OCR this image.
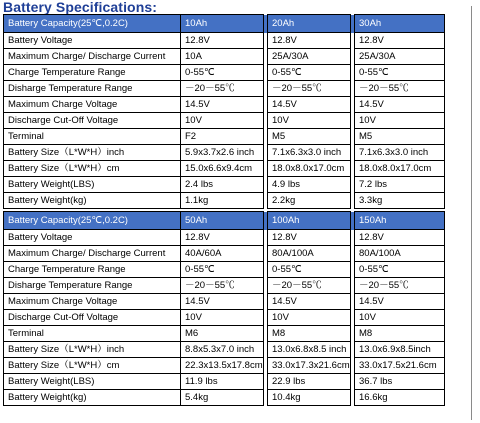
Battery Specifications:
Battery Capacity(25℃,0.2C)	10Ah		20Ah		30Ah
Battery Voltage	12.8V		12.8V		12.8V
Maximum Charge/ Discharge Current	10A		25A/30A		25A/30A
Charge Temperature Range	0-55℃		0-55℃		0-55℃
Disharge Temperature Range	－20－55℃		－20－55℃		－20－55℃
Maximum Charge Voltage	14.5V		14.5V		14.5V
Discharge Cut-Off Voltage	10V		10V		10V
Terminal	F2		M5		M5
Battery Size（L*W*H）inch	5.9x3.7x2.6 inch		7.1x6.3x3.0 inch		7.1x6.3x3.0 inch
Battery Size（L*W*H）cm	15.0x6.6x9.4cm		18.0x8.0x17.0cm		18.0x8.0x17.0cm
Battery Weight(LBS)	2.4 lbs		4.9 lbs		7.2 lbs
Battery Weight(kg)	1.1kg		2.2kg		3.3kg
Battery Capacity(25℃,0.2C)	50Ah		100Ah		150Ah
Battery Voltage	12.8V		12.8V		12.8V
Maximum Charge/ Discharge Current	40A/60A		80A/100A		80A/100A
Charge Temperature Range	0-55℃		0-55℃		0-55℃
Disharge Temperature Range	－20－55℃		－20－55℃		－20－55℃
Maximum Charge Voltage	14.5V		14.5V		14.5V
Discharge Cut-Off Voltage	10V		10V		10V
Terminal	M6		M8		M8
Battery Size（L*W*H）inch	8.8x5.3x7.0 inch		13.0x6.8x8.5 inch		13.0x6.9x8.5inch
Battery Size（L*W*H）cm	22.3x13.5x17.8cm		33.0x17.3x21.6cm		33.0x17.5x21.6cm
Battery Weight(LBS)	11.9 lbs		22.9 lbs		36.7 lbs
Battery Weight(kg)	5.4kg		10.4kg		16.6kg
